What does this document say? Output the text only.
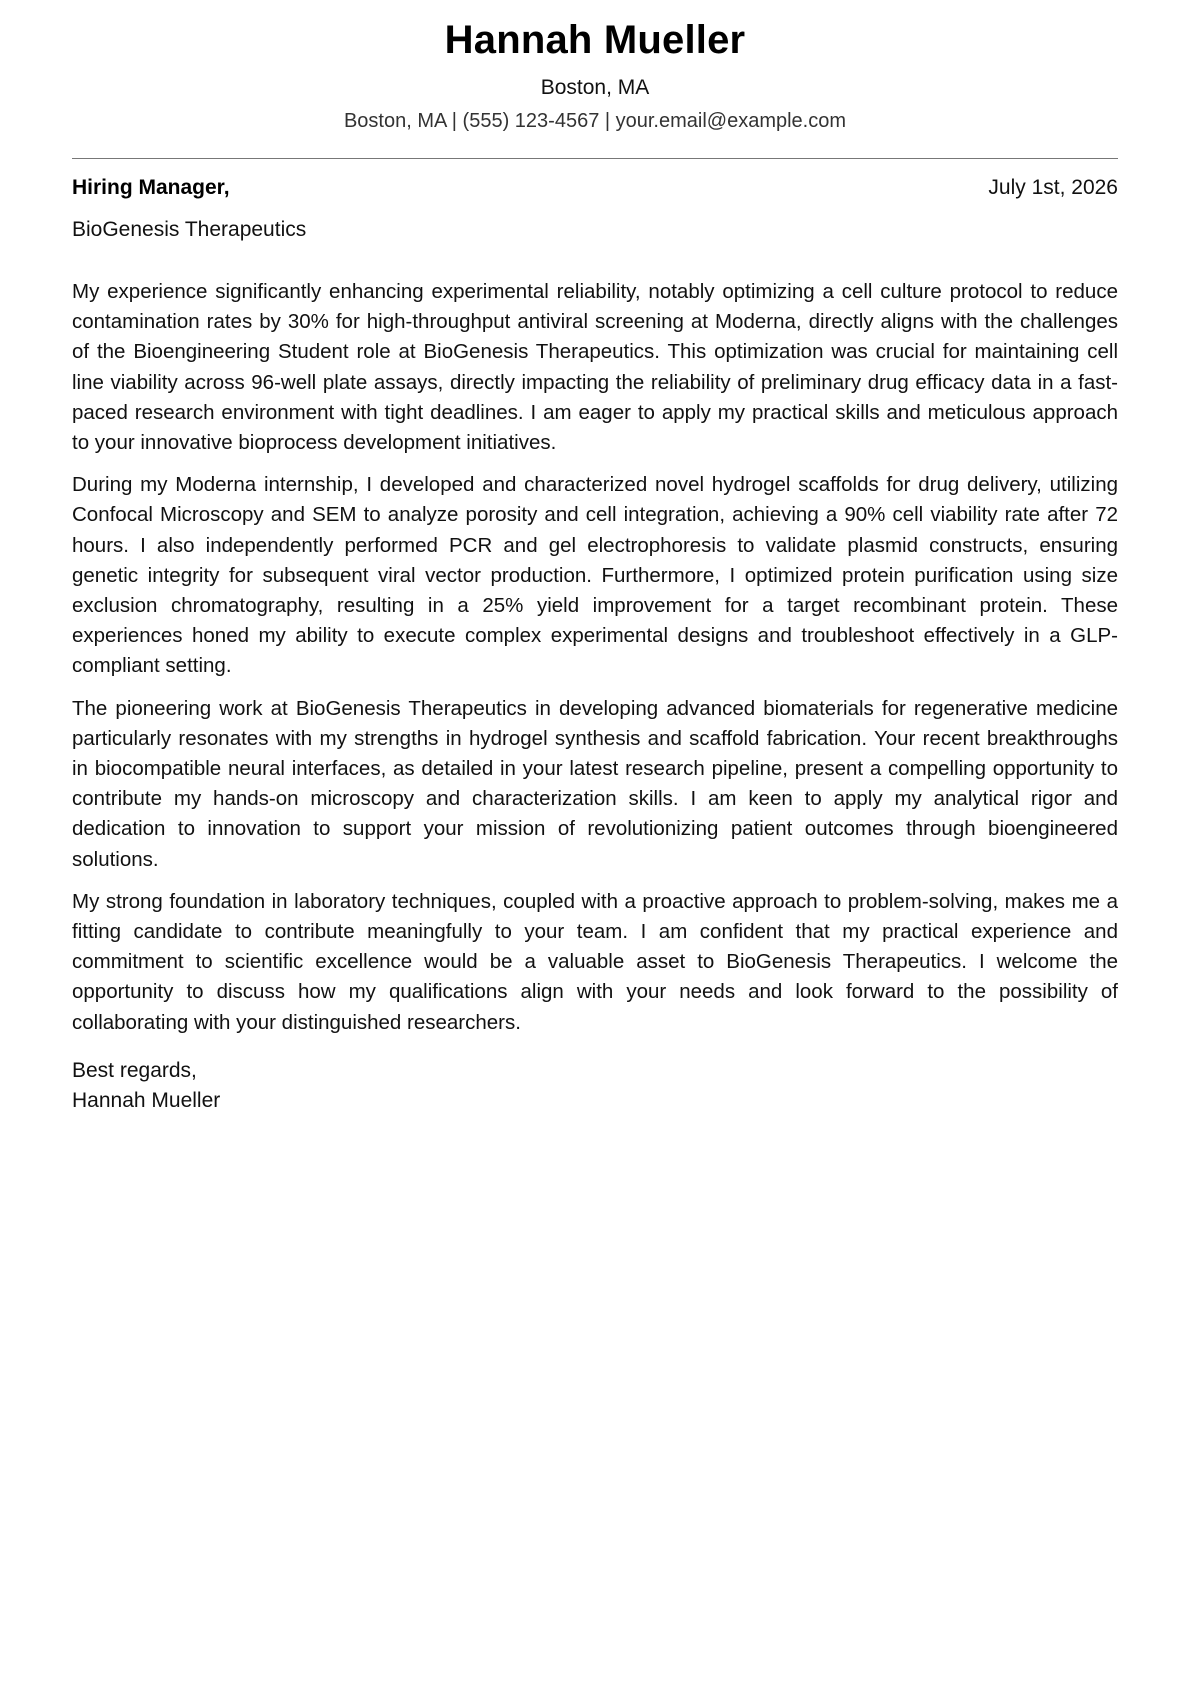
Hannah Mueller
Boston, MA
Boston, MA | (555) 123-4567 | your.email@example.com
Hiring Manager,	July 1st, 2026
BioGenesis Therapeutics

My experience significantly enhancing experimental reliability, notably optimizing a cell culture protocol to reduce contamination rates by 30% for high-throughput antiviral screening at Moderna, directly aligns with the challenges of the Bioengineering Student role at BioGenesis Therapeutics. This optimization was crucial for maintaining cell line viability across 96-well plate assays, directly impacting the reliability of preliminary drug efficacy data in a fast-paced research environment with tight deadlines. I am eager to apply my practical skills and meticulous approach to your innovative bioprocess development initiatives.

During my Moderna internship, I developed and characterized novel hydrogel scaffolds for drug delivery, utilizing Confocal Microscopy and SEM to analyze porosity and cell integration, achieving a 90% cell viability rate after 72 hours. I also independently performed PCR and gel electrophoresis to validate plasmid constructs, ensuring genetic integrity for subsequent viral vector production. Furthermore, I optimized protein purification using size exclusion chromatography, resulting in a 25% yield improvement for a target recombinant protein. These experiences honed my ability to execute complex experimental designs and troubleshoot effectively in a GLP-compliant setting.

The pioneering work at BioGenesis Therapeutics in developing advanced biomaterials for regenerative medicine particularly resonates with my strengths in hydrogel synthesis and scaffold fabrication. Your recent breakthroughs in biocompatible neural interfaces, as detailed in your latest research pipeline, present a compelling opportunity to contribute my hands-on microscopy and characterization skills. I am keen to apply my analytical rigor and dedication to innovation to support your mission of revolutionizing patient outcomes through bioengineered solutions.

My strong foundation in laboratory techniques, coupled with a proactive approach to problem-solving, makes me a fitting candidate to contribute meaningfully to your team. I am confident that my practical experience and commitment to scientific excellence would be a valuable asset to BioGenesis Therapeutics. I welcome the opportunity to discuss how my qualifications align with your needs and look forward to the possibility of collaborating with your distinguished researchers.

Best regards,
Hannah Mueller
